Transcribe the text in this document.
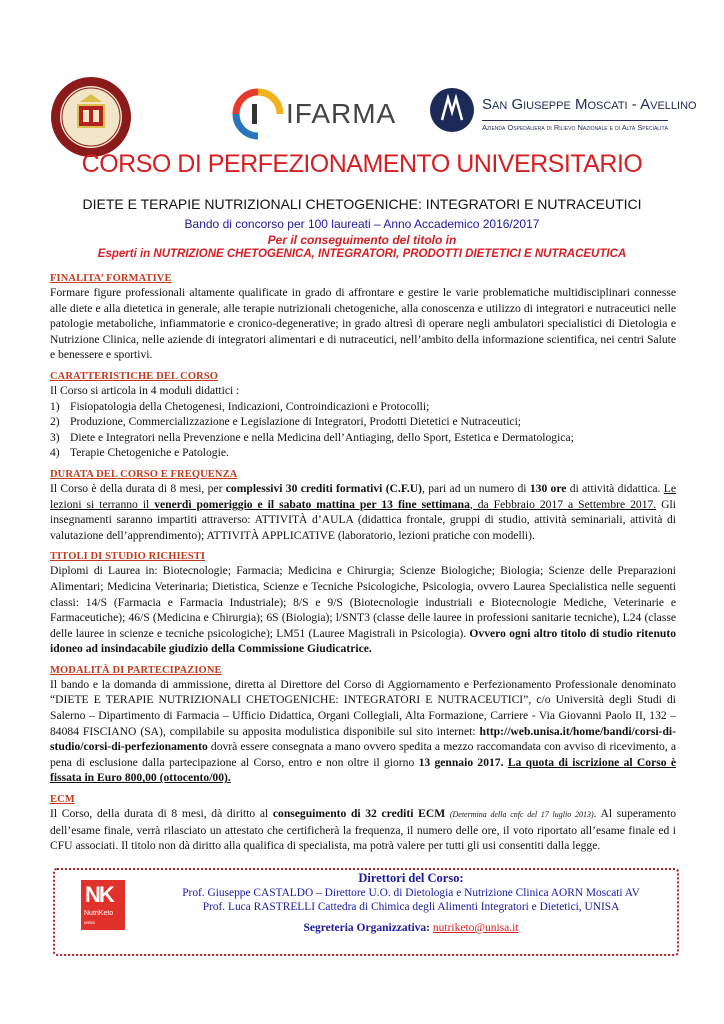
IFARMA	San Giuseppe Moscati - Avellino
Azienda Ospedaliera di Rilievo Nazionale e di Alta Specialità
CORSO DI PERFEZIONAMENTO UNIVERSITARIO
DIETE E TERAPIE NUTRIZIONALI CHETOGENICHE: INTEGRATORI E NUTRACEUTICI
Bando di concorso per 100 laureati – Anno Accademico 2016/2017
Per il conseguimento del titolo in
Esperti in NUTRIZIONE CHETOGENICA, INTEGRATORI, PRODOTTI DIETETICI E NUTRACEUTICA
FINALITA’ FORMATIVE
Formare figure professionali altamente qualificate in grado di affrontare e gestire le varie problematiche multidisciplinari connesse alle diete e alla dietetica in generale, alle terapie nutrizionali chetogeniche, alla conoscenza e utilizzo di integratori e nutraceutici nelle patologie metaboliche, infiammatorie e cronico-degenerative; in grado altresì di operare negli ambulatori specialistici di Dietologia e Nutrizione Clinica, nelle aziende di integratori alimentari e di nutraceutici, nell’ambito della informazione scientifica, nei centri Salute e benessere e sportivi.
CARATTERISTICHE DEL CORSO
Il Corso si articola in 4 moduli didattici :
1) Fisiopatologia della Chetogenesi, Indicazioni, Controindicazioni e Protocolli;
2) Produzione, Commercializzazione e Legislazione di Integratori, Prodotti Dietetici e Nutraceutici;
3) Diete e Integratori nella Prevenzione e nella Medicina dell’Antiaging, dello Sport, Estetica e Dermatologica;
4) Terapie Chetogeniche e Patologie.
DURATA DEL CORSO E FREQUENZA
Il Corso è della durata di 8 mesi, per complessivi 30 crediti formativi (C.F.U), pari ad un numero di 130 ore di attività didattica. Le lezioni si terranno il venerdì pomeriggio e il sabato mattina per 13 fine settimana, da Febbraio 2017 a Settembre 2017. Gli insegnamenti saranno impartiti attraverso: ATTIVITÀ d’AULA (didattica frontale, gruppi di studio, attività seminariali, attività di valutazione dell’apprendimento); ATTIVITÀ APPLICATIVE (laboratorio, lezioni pratiche con modelli).
TITOLI DI STUDIO RICHIESTI
Diplomi di Laurea in: Biotecnologie; Farmacia; Medicina e Chirurgia; Scienze Biologiche; Biologia; Scienze delle Preparazioni Alimentari; Medicina Veterinaria; Dietistica, Scienze e Tecniche Psicologiche, Psicologia, ovvero Laurea Specialistica nelle seguenti classi: 14/S (Farmacia e Farmacia Industriale); 8/S e 9/S (Biotecnologie industriali e Biotecnologie Mediche, Veterinarie e Farmaceutiche); 46/S (Medicina e Chirurgia); 6S (Biologia); l/SNT3 (classe delle lauree in professioni sanitarie tecniche), L24 (classe delle lauree in scienze e tecniche psicologiche); LM51 (Lauree Magistrali in Psicologia). Ovvero ogni altro titolo di studio ritenuto idoneo ad insindacabile giudizio della Commissione Giudicatrice.
MODALITÀ DI PARTECIPAZIONE
Il bando e la domanda di ammissione, diretta al Direttore del Corso di Aggiornamento e Perfezionamento Professionale denominato “DIETE E TERAPIE NUTRIZIONALI CHETOGENICHE: INTEGRATORI E NUTRACEUTICI”, c/o Università degli Studi di Salerno – Dipartimento di Farmacia – Ufficio Didattica, Organi Collegiali, Alta Formazione, Carriere - Via Giovanni Paolo II, 132 – 84084 FISCIANO (SA), compilabile su apposita modulistica disponibile sul sito internet: http://web.unisa.it/home/bandi/corsi-di-studio/corsi-di-perfezionamento dovrà essere consegnata a mano ovvero spedita a mezzo raccomandata con avviso di ricevimento, a pena di esclusione dalla partecipazione al Corso, entro e non oltre il giorno 13 gennaio 2017. La quota di iscrizione al Corso è fissata in Euro 800,00 (ottocento/00).
ECM
Il Corso, della durata di 8 mesi, dà diritto al conseguimento di 32 crediti ECM (Determina della cnfc del 17 luglio 2013). Al superamento dell’esame finale, verrà rilasciato un attestato che certificherà la frequenza, il numero delle ore, il voto riportato all’esame finale ed i CFU associati. Il titolo non dà diritto alla qualifica di specialista, ma potrà valere per tutti gli usi consentiti dalla legge.
NK
NutriKeto
unisa
Direttori del Corso:
Prof. Giuseppe CASTALDO – Direttore U.O. di Dietologia e Nutrizione Clinica AORN Moscati AV
Prof. Luca RASTRELLI Cattedra di Chimica degli Alimenti Integratori e Dietetici, UNISA
Segreteria Organizzativa: nutriketo@unisa.it
